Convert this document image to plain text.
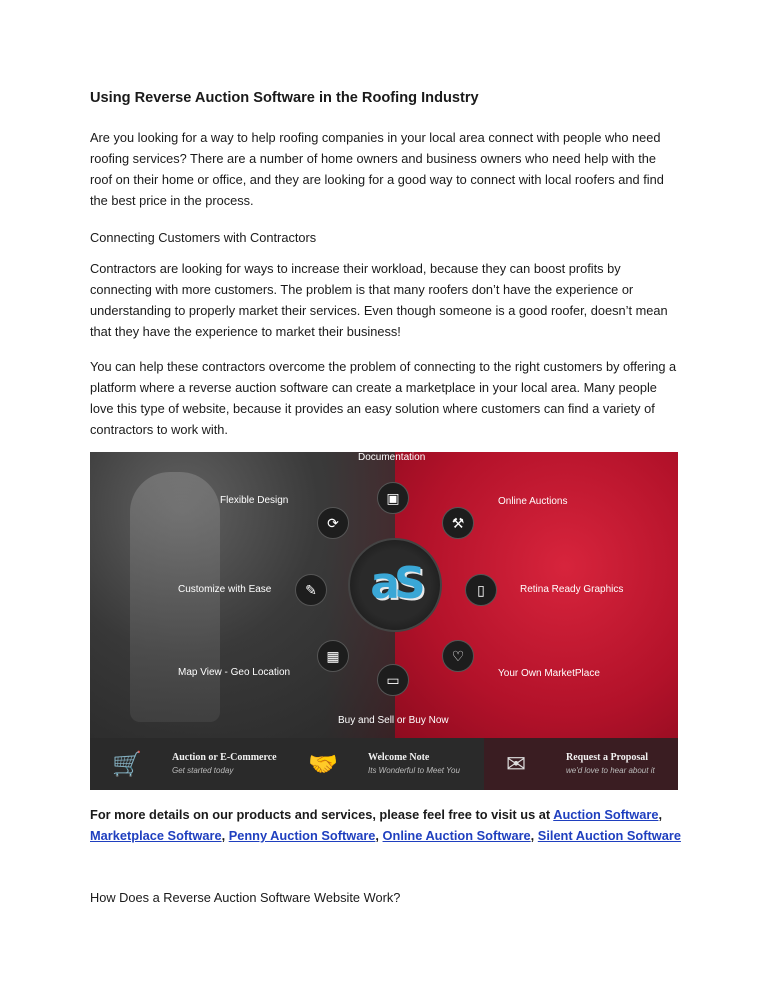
Using Reverse Auction Software in the Roofing Industry

Are you looking for a way to help roofing companies in your local area connect with people who need roofing services? There are a number of home owners and business owners who need help with the roof on their home or office, and they are looking for a good way to connect with local roofers and find the best price in the process.

Connecting Customers with Contractors

Contractors are looking for ways to increase their workload, because they can boost profits by connecting with more customers. The problem is that many roofers don’t have the experience or understanding to properly market their services. Even though someone is a good roofer, doesn’t mean that they have the experience to market their business!

You can help these contractors overcome the problem of connecting to the right customers by offering a platform where a reverse auction software can create a marketplace in your local area. Many people love this type of website, because it provides an easy solution where customers can find a variety of contractors to work with.

For more details on our products and services, please feel free to visit us at Auction Software, Marketplace Software, Penny Auction Software, Online Auction Software, Silent Auction Software

How Does a Reverse Auction Software Website Work?

Documentation
Flexible Design	Online Auctions
Customize with Ease	Retina Ready Graphics
Map View - Geo Location	Your Own MarketPlace
Buy and Sell or Buy Now
▣
⟳	⚒
✎	▯
▦	♡
▭
aS
🛒	Auction or E-Commerce
Get started today	🤝	Welcome Note
Its Wonderful to Meet You ✉	Request a Proposal
we'd love to hear about it
